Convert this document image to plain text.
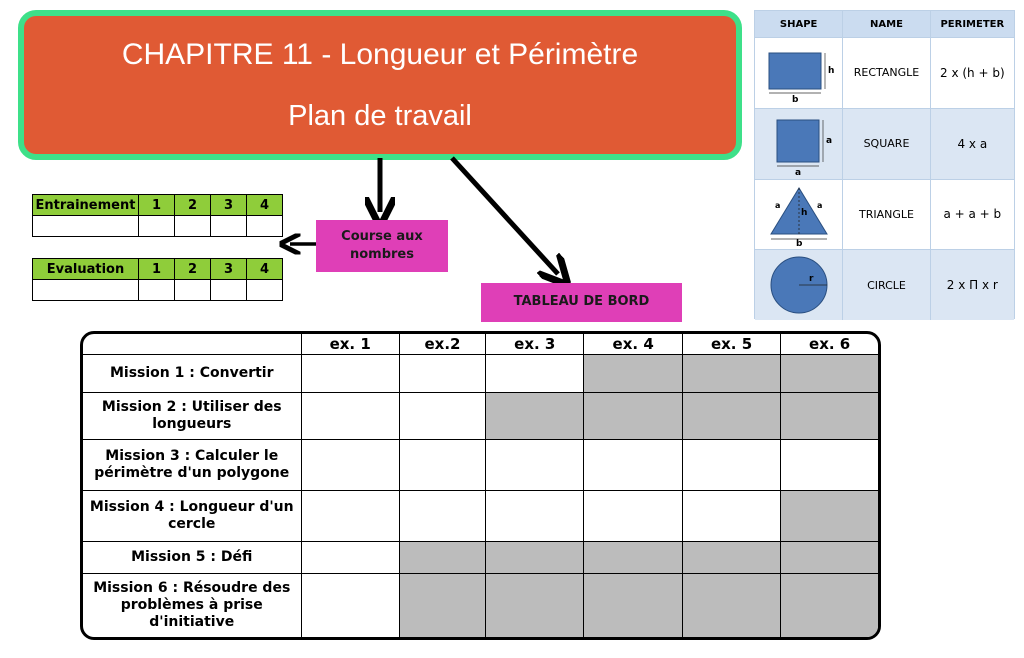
CHAPITRE 11 - Longueur et Périmètre
Plan de travail
Entrainement	1	2	3	4

Evaluation	1	2	3	4

Course aux nombres
TABLEAU DE BORD
SHAPE	NAME	PERIMETER
h
b
RECTANGLE	2 x (h + b)
a
a
SQUARE	4 x a
a	a
h
b
TRIANGLE	a + a + b
r	CIRCLE	2 x Π x r
	ex. 1	ex.2	ex. 3	ex. 4	ex. 5	ex. 6
Mission 1 : Convertir						
Mission 2 : Utiliser des longueurs						
Mission 3 : Calculer le périmètre d'un polygone						
Mission 4 : Longueur d'un cercle						
Mission 5 : Défi						
Mission 6 : Résoudre des problèmes à prise d'initiative						
